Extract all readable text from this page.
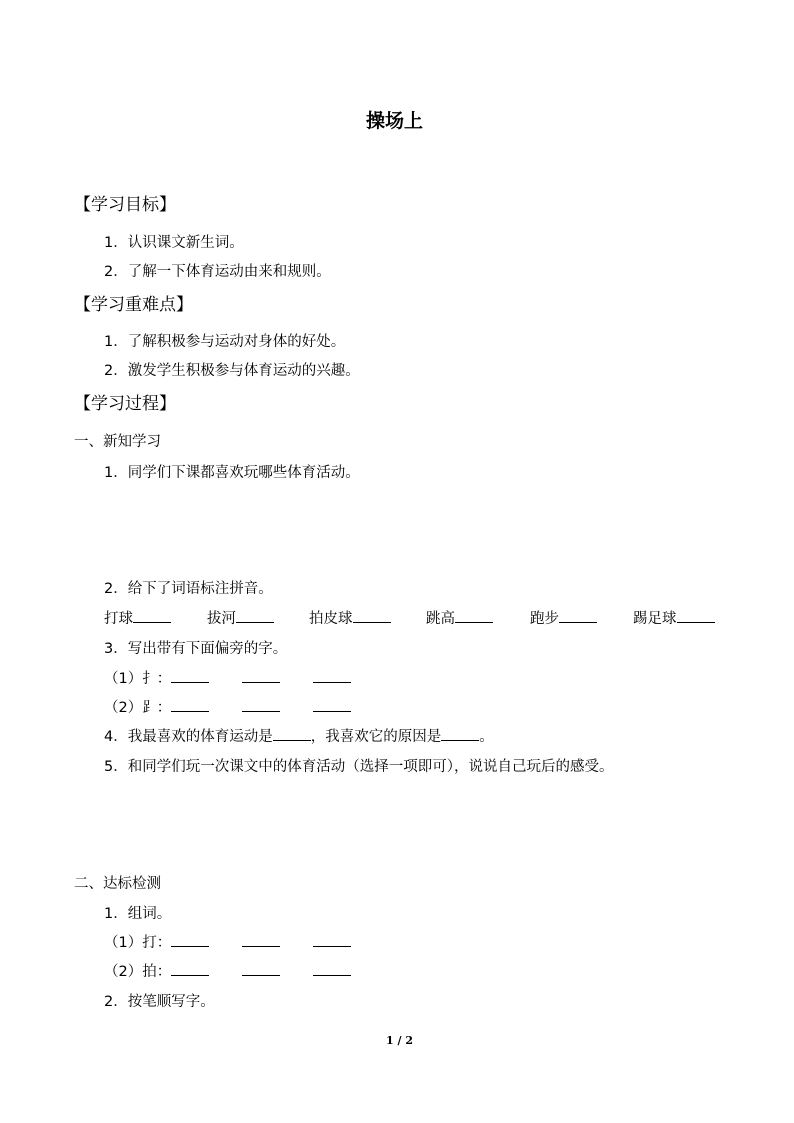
操场上
【学习目标】
1．认识课文新生词。
2．了解一下体育运动由来和规则。
【学习重难点】
1．了解积极参与运动对身体的好处。
2．激发学生积极参与体育运动的兴趣。
【学习过程】
一、新知学习
1．同学们下课都喜欢玩哪些体育活动。
2．给下了词语标注拼音。
打球	拔河	拍皮球	跳高	跑步	踢足球
3．写出带有下面偏旁的字。
（1）扌：
（2）⻊：
4．我最喜欢的体育运动是	，我喜欢它的原因是	。
5．和同学们玩一次课文中的体育活动（选择一项即可），说说自己玩后的感受。
二、达标检测
1．组词。
（1）打：
（2）拍：
2．按笔顺写字。
1 / 2
